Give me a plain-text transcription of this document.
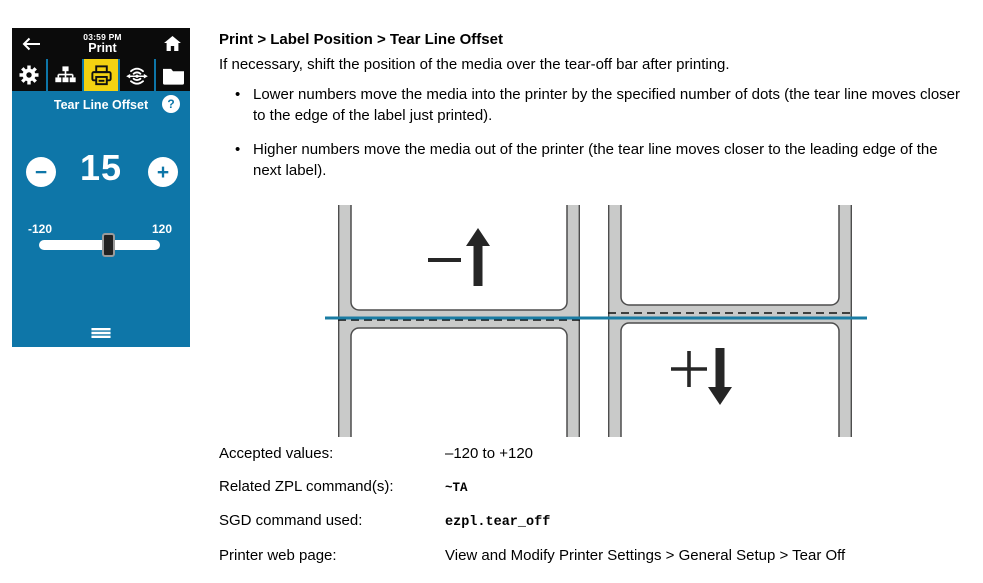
03:59 PM
Print
Tear Line Offset	?
− 15	+
-120	120
Print > Label Position > Tear Line Offset
If necessary, shift the position of the media over the tear-off bar after printing.
• Lower numbers move the media into the printer by the specified number of dots (the tear line moves closer to the edge of the label just printed).
• Higher numbers move the media out of the printer (the tear line moves closer to the leading edge of the next label).
Accepted values:	–120 to +120
Related ZPL command(s):	~TA
SGD command used:	ezpl.tear_off
Printer web page:	View and Modify Printer Settings > General Setup > Tear Off
